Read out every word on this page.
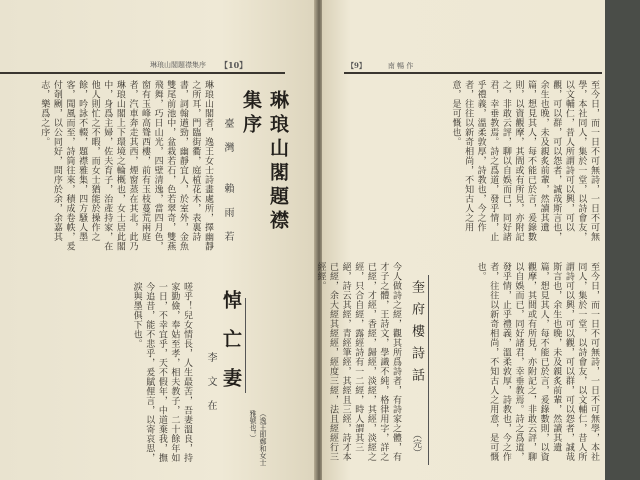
琳琅山閣題襟集序 【10】
琳琅山閣題襟集序
臺灣 賴雨若
琳琅山閣者，逸王女士詩畫處所，擇幽靜之所耳，門臨街衢，庭植花木，表裏詩書，詞翰遒勁，幽靜宜人，於室外，金魚雙尾前池中，盆栽若石，色若翠奇，雙燕飛舞，巧日山光，四壁清逸，當四月色，窗有玉峰高聳西樓，前有玉枝蔓荒兩庭者，汽車奔走其西，煙窗蒸在其北，此乃琳琅山閣上下環境之輪概也，女士居此閣中，身爲主婦，佐夫育子，治產持家，在他人則忙之不暇，而女士猶能於操作之餘，吟詠不輟，題襟雅集，四方騷人墨客，聞風而至，詩筒往來，積成卷帙，爰付剞劂，以公同好，問序於余，余嘉其志，樂爲之序。
悼亡妻
李文在
（逸王即鄭和女士雅號也。）
嗟乎！兒女情長，人生最苦，吾妻溫良，持家勤儉，奉姑至孝，相夫教子，二十餘年如一日，不幸宜乎，天不假年，中道棄我，撫今追昔，能不悲乎，爰賦俚言，以寄哀思，淚與墨俱下也。
【9】	南 暢 作
至今日，而一日不可無詩，一日不可無學，本社同人，集於一堂，以詩會友，以文輔仁，昔人所謂詩可以興，可以觀，可以群，可以怨者，誠哉斯言也，余生也晚，未及親炙前輩，然讀其遺篇，想見其人，每不能已於言，爰錄數則，以資觀摩，其間或有所見，亦附記之，非敢云評，聊以自娛而已，同好諸君，幸垂教焉。詩之爲道，發乎情，止乎禮義，溫柔敦厚，詩教也，今之作者，往往以新奇相尚，不知古人之用意，是可慨也。
奎府樓詩話
（完）
今人做詩之經，觀其所爲詩者，有詩家之體，有才子之體，王詩文，學識不純，格律用字，詳之已經，才經，香經，歸經，淡經，其經，淡經之經，只合自經，露經詩有一二經，時人謂其三絕，詩云其經，青經筆經，其經且三經，詩才本已經，余大經其經經，經度三經，法且經經行三經經。	至今日，而一日不可無詩，一日不可無學，本社同人，集於一堂，以詩會友，以文輔仁，昔人所謂詩可以興，可以觀，可以群，可以怨者，誠哉斯言也，余生也晚，未及親炙前輩，然讀其遺篇，想見其人，每不能已於言，爰錄數則，以資觀摩，其間或有所見，亦附記之，非敢云評，聊以自娛而已，同好諸君，幸垂教焉。詩之爲道，發乎情，止乎禮義，溫柔敦厚，詩教也，今之作者，往往以新奇相尚，不知古人之用意，是可慨也。
